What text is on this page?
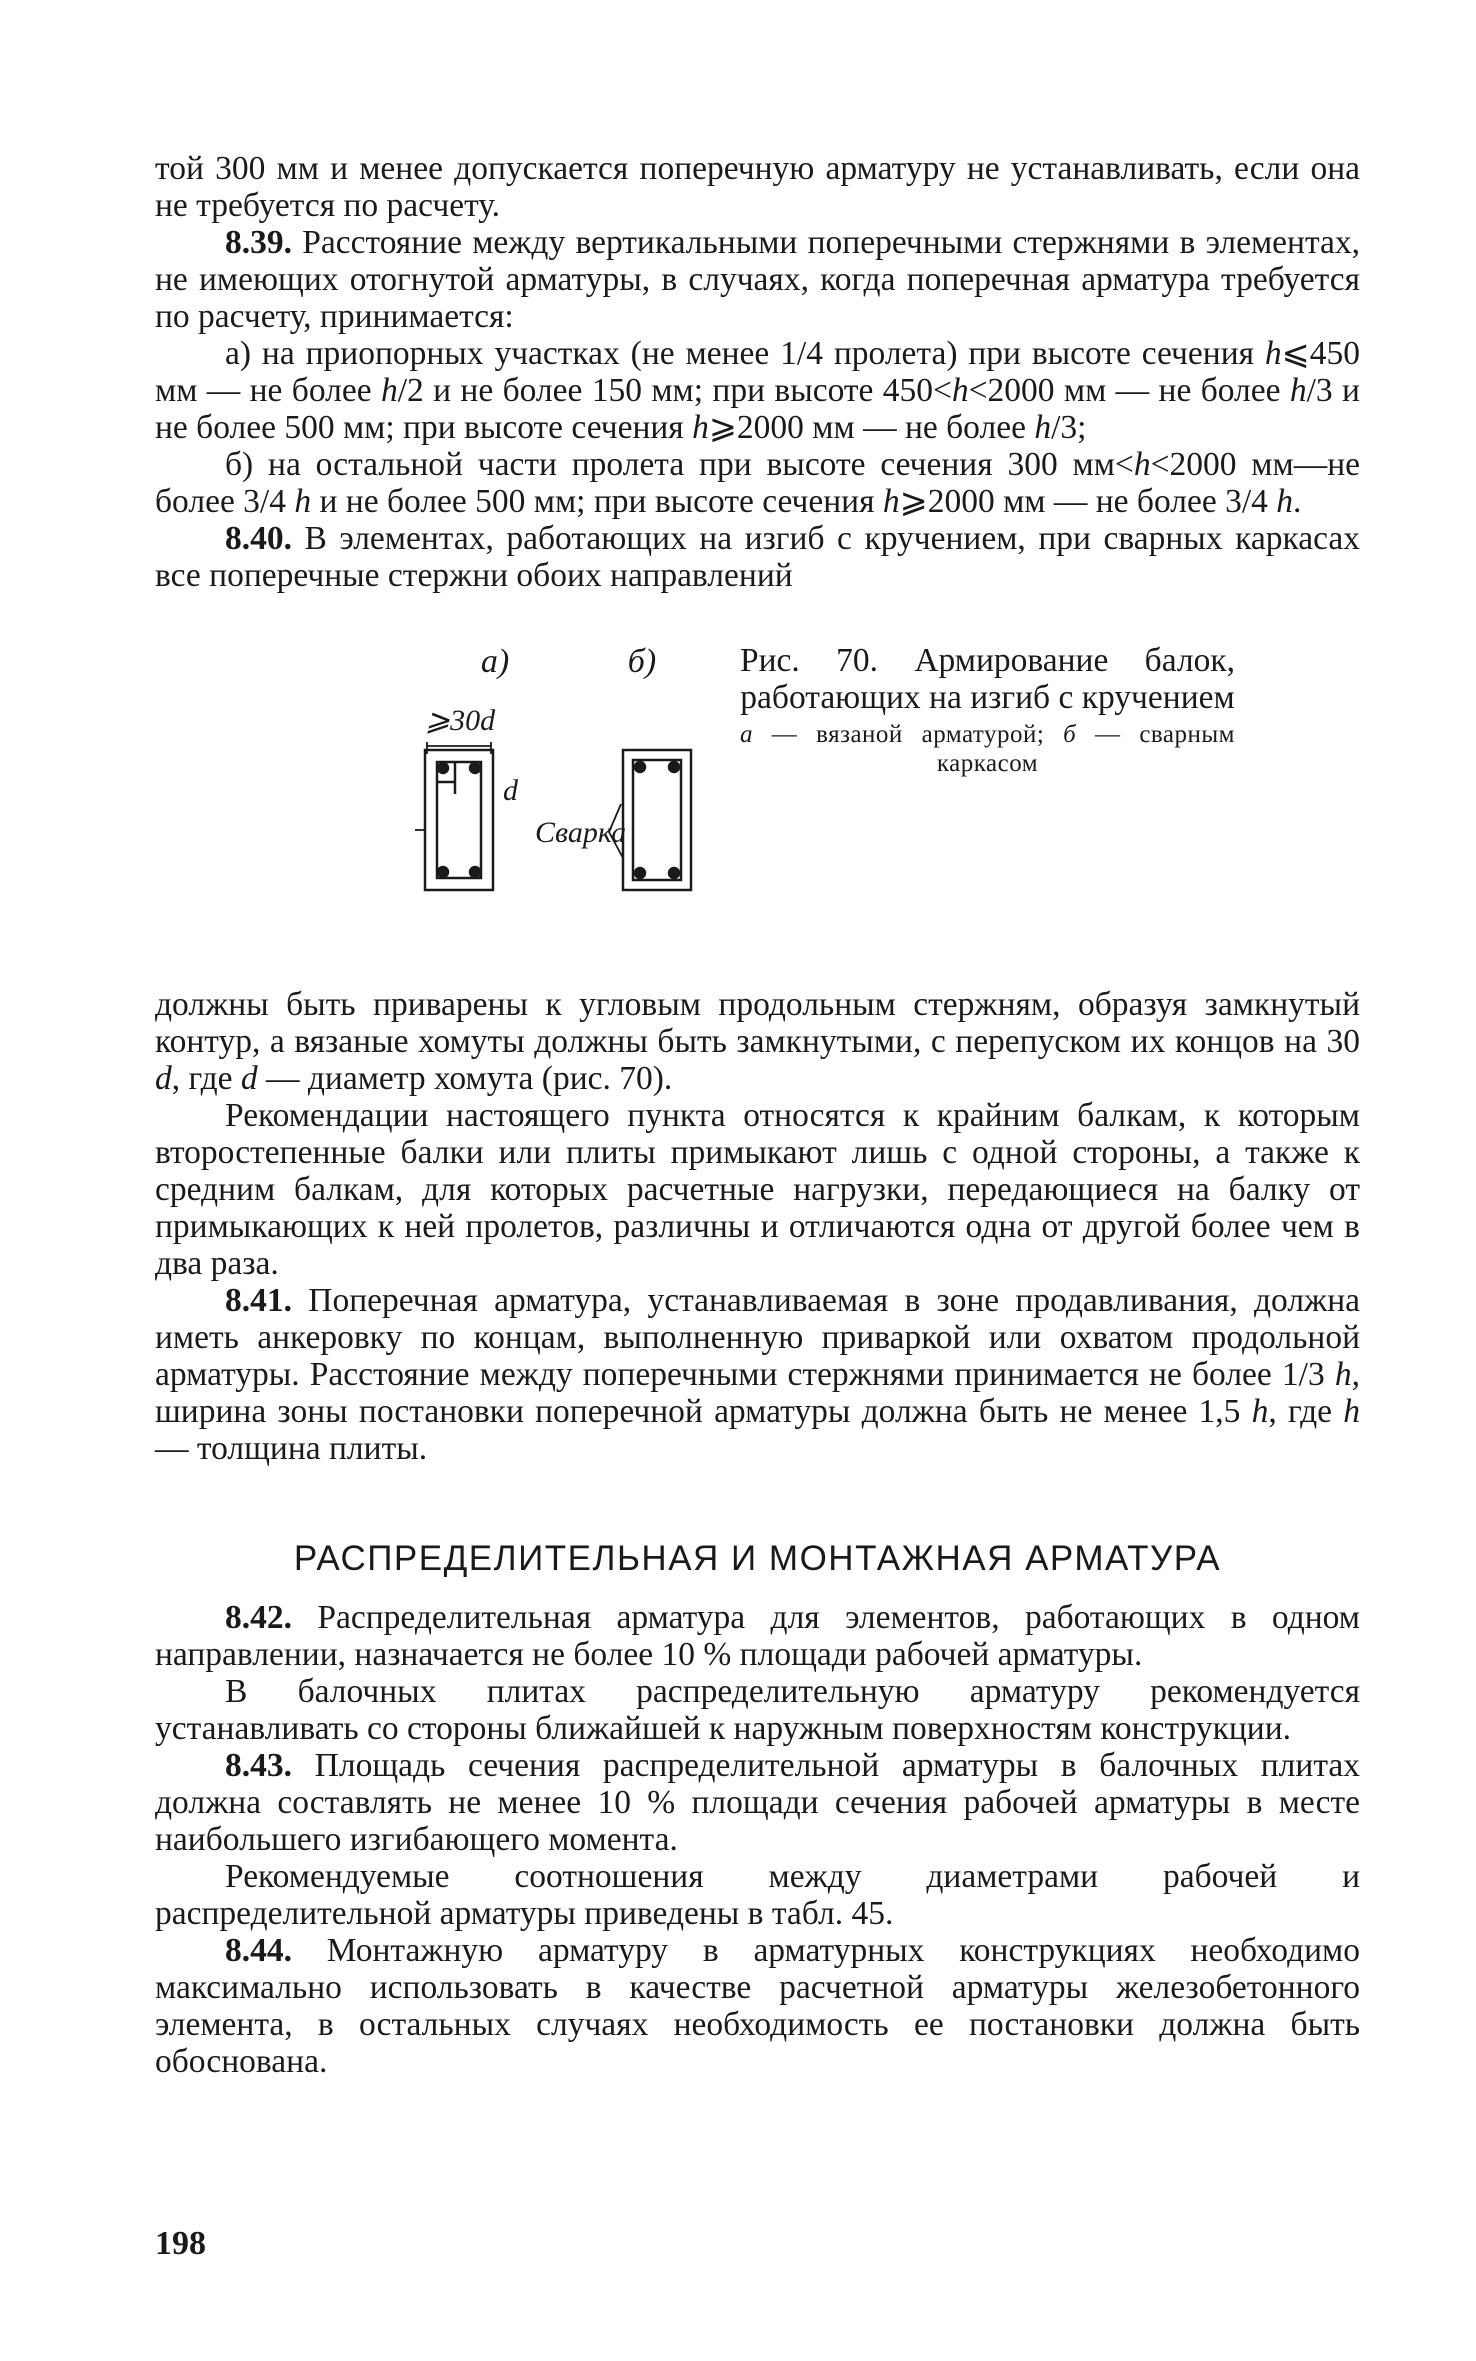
той 300 мм и менее допускается поперечную арматуру не устанавливать, если она не требуется по расчету.

8.39. Расстояние между вертикальными поперечными стержнями в элементах, не имеющих отогнутой арматуры, в случаях, когда поперечная арматура требуется по расчету, принимается:

а) на приопорных участках (не менее 1/4 пролета) при высоте сечения h⩽450 мм — не более h/2 и не более 150 мм; при высоте 450<h<2000 мм — не более h/3 и не более 500 мм; при высоте сечения h⩾2000 мм — не более h/3;

б) на остальной части пролета при высоте сечения 300 мм<h<2000 мм—не более 3/4 h и не более 500 мм; при высоте сечения h⩾2000 мм — не более 3/4 h.

8.40. В элементах, работающих на изгиб с кручением, при сварных каркасах все поперечные стержни обоих направлений

а)
⩾30d
d
б)
Сварка
Рис. 70. Армирование балок, работающих на изгиб с кручением
а — вязаной арматурой; б — сварным каркасом

должны быть приварены к угловым продольным стержням, образуя замкнутый контур, а вязаные хомуты должны быть замкнутыми, с перепуском их концов на 30 d, где d — диаметр хомута (рис. 70).

Рекомендации настоящего пункта относятся к крайним балкам, к которым второстепенные балки или плиты примыкают лишь с одной стороны, а также к средним балкам, для которых расчетные нагрузки, передающиеся на балку от примыкающих к ней пролетов, различны и отличаются одна от другой более чем в два раза.

8.41. Поперечная арматура, устанавливаемая в зоне продавливания, должна иметь анкеровку по концам, выполненную приваркой или охватом продольной арматуры. Расстояние между поперечными стержнями принимается не более 1/3 h, ширина зоны постановки поперечной арматуры должна быть не менее 1,5 h, где h — толщина плиты.

РАСПРЕДЕЛИТЕЛЬНАЯ И МОНТАЖНАЯ АРМАТУРА

8.42. Распределительная арматура для элементов, работающих в одном направлении, назначается не более 10 % площади рабочей арматуры.

В балочных плитах распределительную арматуру рекомендуется устанавливать со стороны ближайшей к наружным поверхностям конструкции.

8.43. Площадь сечения распределительной арматуры в балочных плитах должна составлять не менее 10 % площади сечения рабочей арматуры в месте наибольшего изгибающего момента.

Рекомендуемые соотношения между диаметрами рабочей и распределительной арматуры приведены в табл. 45.

8.44. Монтажную арматуру в арматурных конструкциях необходимо максимально использовать в качестве расчетной арматуры железобетонного элемента, в остальных случаях необходимость ее постановки должна быть обоснована.

198
